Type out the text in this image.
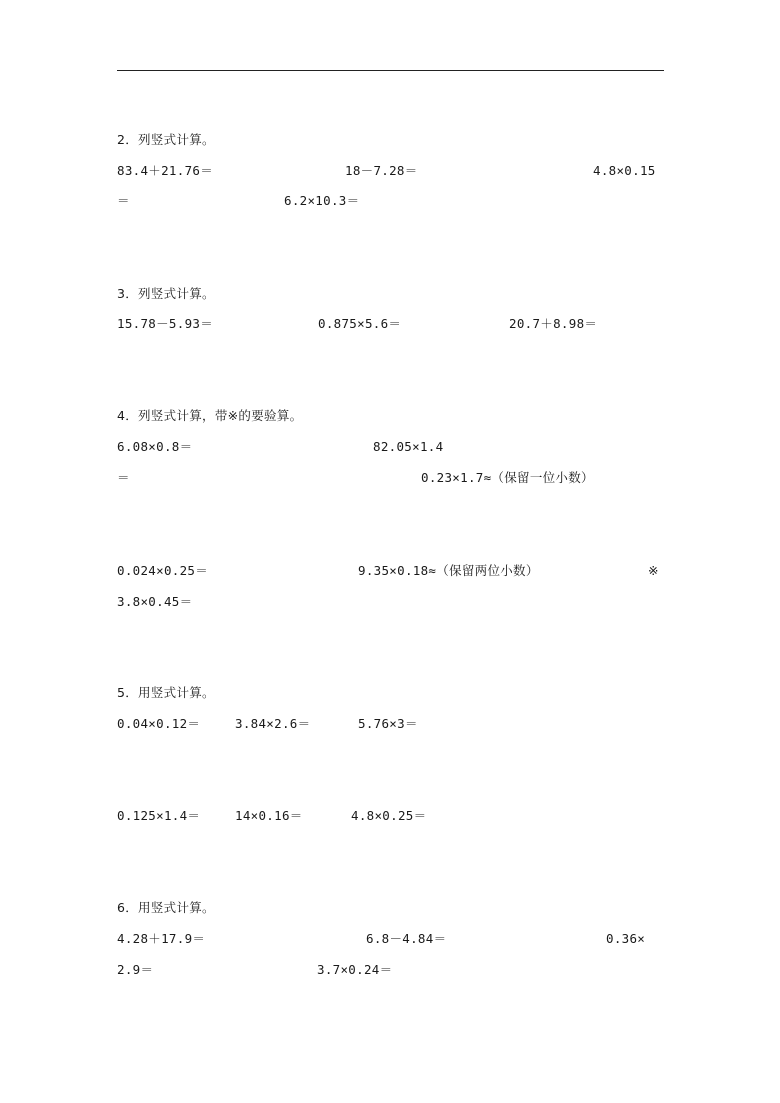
2．列竖式计算。
83.4＋21.76＝	18－7.28＝	4.8×0.15
＝	6.2×10.3＝
3．列竖式计算。
15.78－5.93＝	0.875×5.6＝	20.7＋8.98＝
4．列竖式计算，带※的要验算。
6.08×0.8＝	82.05×1.4
＝	0.23×1.7≈（保留一位小数）
0.024×0.25＝	9.35×0.18≈（保留两位小数）	※
3.8×0.45＝
5．用竖式计算。
0.04×0.12＝	3.84×2.6＝	5.76×3＝
0.125×1.4＝	14×0.16＝	4.8×0.25＝
6．用竖式计算。
4.28＋17.9＝	6.8－4.84＝	0.36×
2.9＝	3.7×0.24＝
